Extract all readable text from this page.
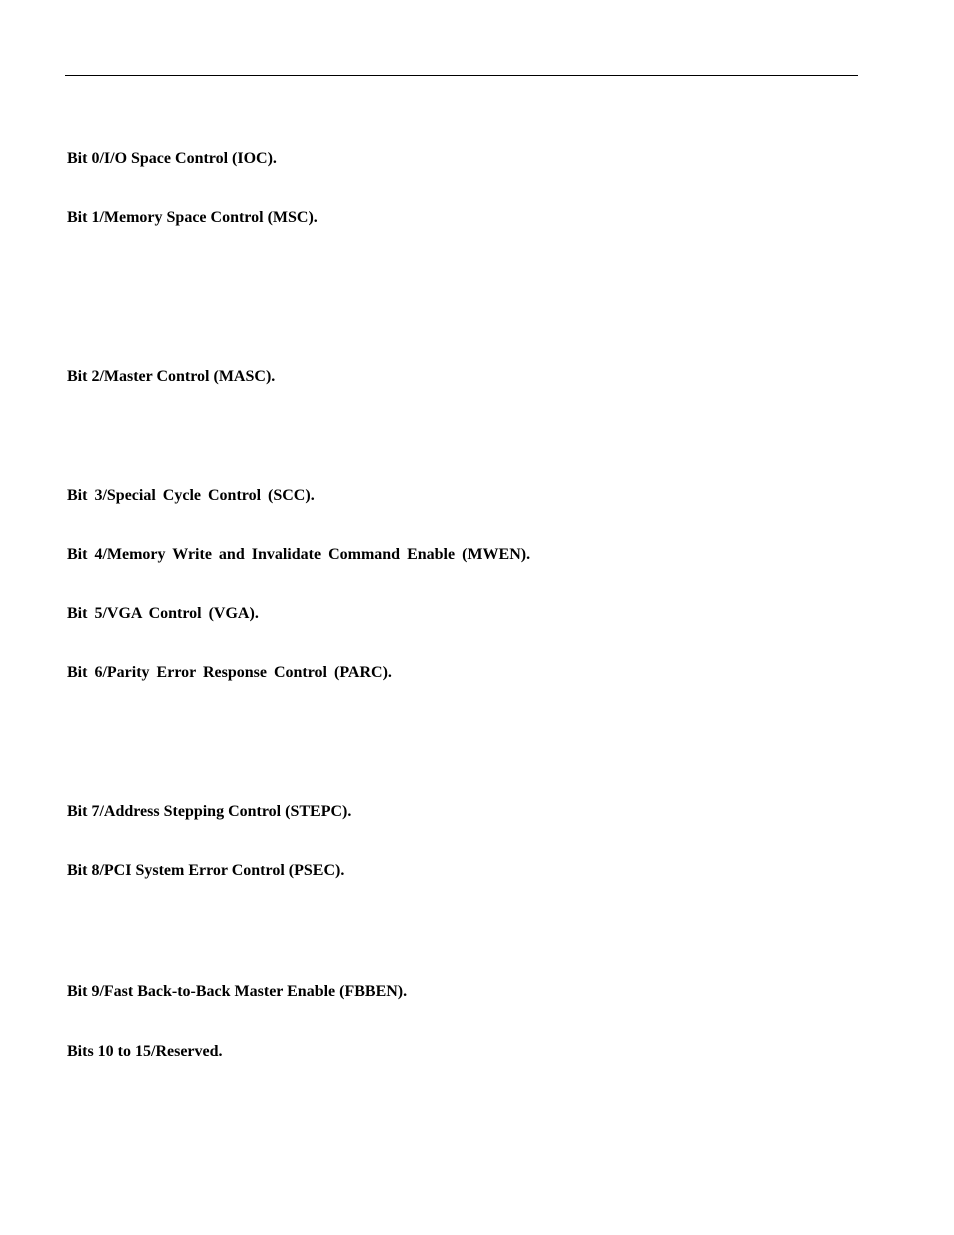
Bit 0/I/O Space Control (IOC).

Bit 1/Memory Space Control (MSC).

Bit 2/Master Control (MASC).

Bit 3/Special Cycle Control (SCC).

Bit 4/Memory Write and Invalidate Command Enable (MWEN).

Bit 5/VGA Control (VGA).

Bit 6/Parity Error Response Control (PARC).

Bit 7/Address Stepping Control (STEPC).

Bit 8/PCI System Error Control (PSEC).

Bit 9/Fast Back-to-Back Master Enable (FBBEN).

Bits 10 to 15/Reserved.
